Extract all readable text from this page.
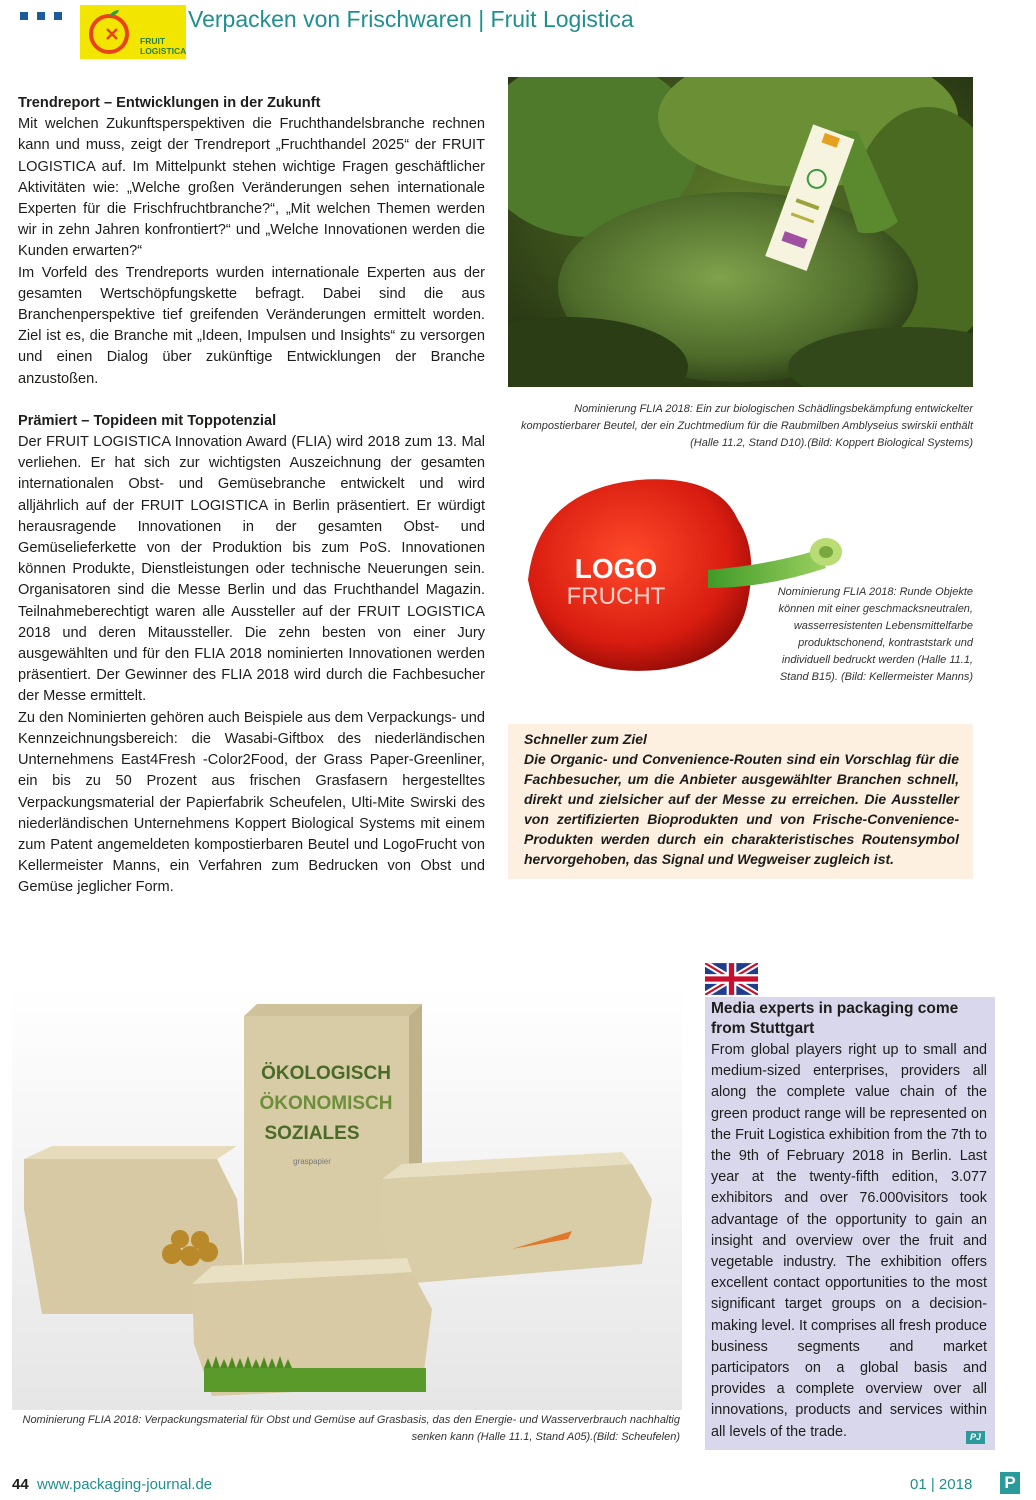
FRUIT
LOGISTICA
Verpacken von Frischwaren | Fruit Logistica
Trendreport – Entwicklungen in der Zukunft

Mit welchen Zukunftsperspektiven die Fruchthandelsbranche rechnen kann und muss, zeigt der Trendreport „Fruchthandel 2025“ der FRUIT LOGISTICA auf. Im Mittelpunkt stehen wichtige Fragen geschäftlicher Aktivitäten wie: „Welche großen Veränderungen sehen internationale Experten für die Frischfruchtbranche?“, „Mit welchen Themen werden wir in zehn Jahren konfrontiert?“ und „Welche Innovationen werden die Kunden erwarten?“

Im Vorfeld des Trendreports wurden internationale Experten aus der gesamten Wertschöpfungskette befragt. Dabei sind die aus Branchenperspektive tief greifenden Veränderungen ermittelt worden. Ziel ist es, die Branche mit „Ideen, Impulsen und Insights“ zu versorgen und einen Dialog über zukünftige Entwicklungen der Branche anzustoßen.

Prämiert – Topideen mit Toppotenzial

Der FRUIT LOGISTICA Innovation Award (FLIA) wird 2018 zum 13. Mal verliehen. Er hat sich zur wichtigsten Auszeichnung der gesamten internationalen Obst- und Gemüsebranche entwickelt und wird alljährlich auf der FRUIT LOGISTICA in Berlin präsentiert. Er würdigt herausragende Innovationen in der gesamten Obst- und Gemüselieferkette von der Produktion bis zum PoS. Innovationen können Produkte, Dienstleistungen oder technische Neuerungen sein. Organisatoren sind die Messe Berlin und das Fruchthandel Magazin. Teilnahmeberechtigt waren alle Aussteller auf der FRUIT LOGISTICA 2018 und deren Mitaussteller. Die zehn besten von einer Jury ausgewählten und für den FLIA 2018 nominierten Innovationen werden präsentiert. Der Gewinner des FLIA 2018 wird durch die Fachbesucher der Messe ermittelt.

Zu den Nominierten gehören auch Beispiele aus dem Verpackungs- und Kennzeichnungsbereich: die Wasabi-Giftbox des niederländischen Unternehmens East4Fresh -Color2Food, der Grass Paper-Greenliner, ein bis zu 50 Prozent aus frischen Grasfasern hergestelltes Verpackungsmaterial der Papierfabrik Scheufelen, Ulti-Mite Swirski des niederländischen Unternehmens Koppert Biological Systems mit einem zum Patent angemeldeten kompostierbaren Beutel und LogoFrucht von Kellermeister Manns, ein Verfahren zum Bedrucken von Obst und Gemüse jeglicher Form.

Nominierung FLIA 2018: Ein zur biologischen Schädlingsbekämpfung entwickelter kompostierbarer Beutel, der ein Zuchtmedium für die Raubmilben Amblyseius swirskii enthält (Halle 11.2, Stand D10).(Bild: Koppert Biological Systems)
LOGO
FRUCHT	Nominierung FLIA 2018: Runde Objekte können mit einer geschmacksneutralen, wasserresistenten Lebensmittelfarbe produktschonend, kontraststark und individuell bedruckt werden (Halle 11.1, Stand B15). (Bild: Kellermeister Manns)
Schneller zum Ziel
Die Organic- und Convenience-Routen sind ein Vorschlag für die Fachbesucher, um die Anbieter ausgewählter Branchen schnell, direkt und zielsicher auf der Messe zu erreichen. Die Aussteller von zertifizierten Bioprodukten und von Frische-Convenience-Produkten werden durch ein charakteristisches Routensymbol hervorgehoben, das Signal und Wegweiser zugleich ist.
ÖKOLOGISCH
ÖKONOMISCH
SOZIALES
graspapier
Nominierung FLIA 2018: Verpackungsmaterial für Obst und Gemüse auf Grasbasis, das den Energie- und Wasserverbrauch nachhaltig senken kann (Halle 11.1, Stand A05).(Bild: Scheufelen)
Media experts in packaging come from Stuttgart
From global players right up to small and medium-sized enterprises, providers all along the complete value chain of the green product range will be represented on the Fruit Logistica exhibition from the 7th to the 9th of February 2018 in Berlin. Last year at the twenty-fifth edition, 3.077 exhibitors and over 76.000visitors took advantage of the opportunity to gain an insight and overview over the fruit and vegetable industry. The exhibition offers excellent contact opportunities to the most significant target groups on a decision-making level. It comprises all fresh produce business segments and market participators on a global basis and provides a complete overview over all innovations, products and services within all levels of the trade.	PJ
44 www.packaging-journal.de	01 | 2018 P
